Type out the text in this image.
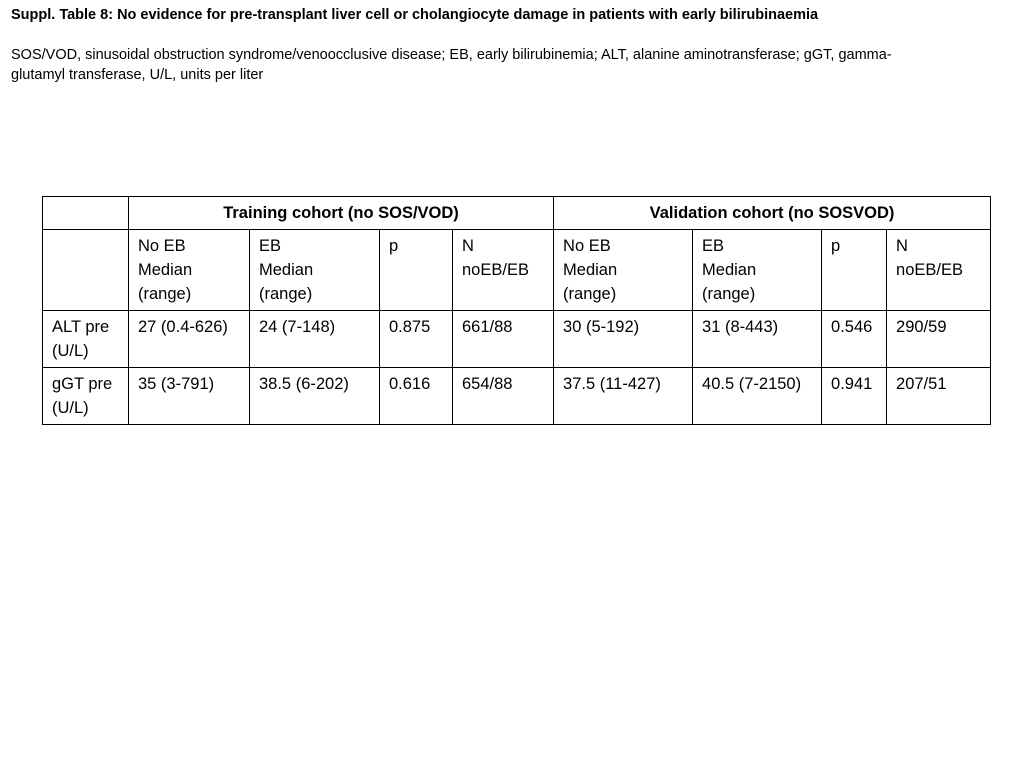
Suppl. Table 8: No evidence for pre-transplant liver cell or cholangiocyte damage in patients with early bilirubinaemia
SOS/VOD, sinusoidal obstruction syndrome/venoocclusive disease; EB, early bilirubinemia; ALT, alanine aminotransferase; gGT, gamma-
glutamyl transferase, U/L, units per liter
	Training cohort (no SOS/VOD)				Validation cohort (no SOSVOD)			

	No EB
Median
(range)	EB
Median
(range)	p	N
noEB/EB	No EB
Median
(range)	EB
Median
(range)	p	N
noEB/EB

ALT pre
(U/L)	27 (0.4-626)	24 (7-148)	0.875	661/88	30 (5-192)	31 (8-443)	0.546	290/59

gGT pre
(U/L)	35 (3-791)	38.5 (6-202)	0.616	654/88	37.5 (11-427)	40.5 (7-2150)	0.941	207/51
